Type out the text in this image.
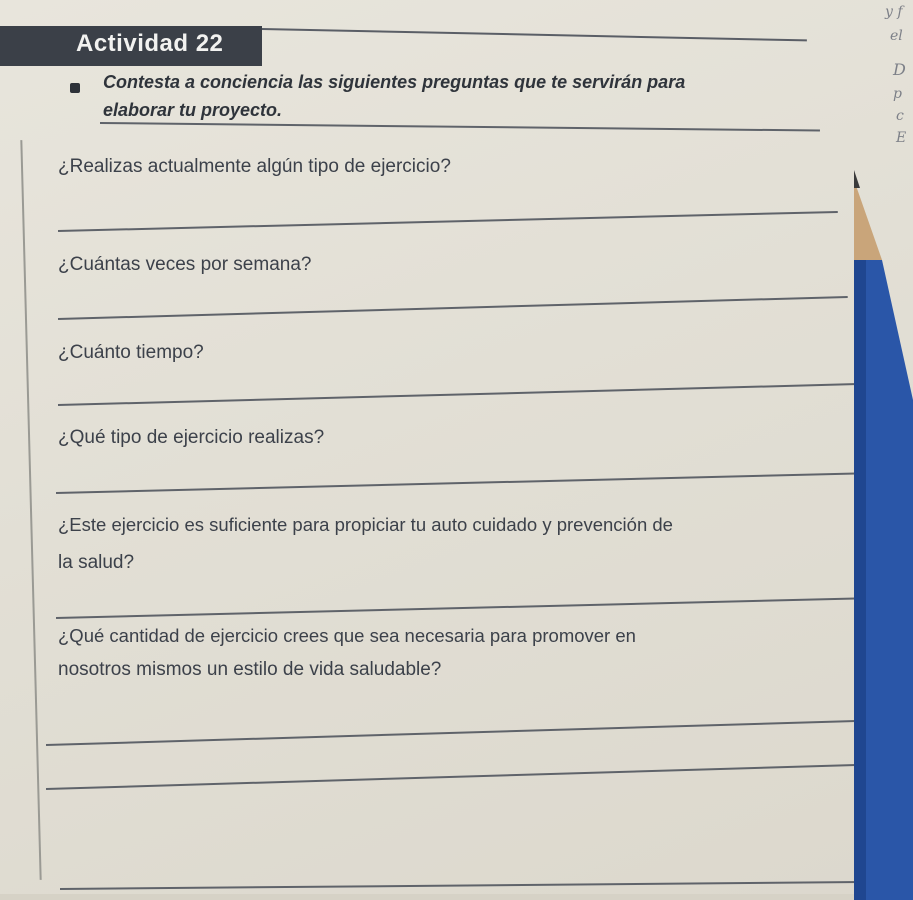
Actividad 22
Contesta a conciencia las siguientes preguntas que te servirán para
elaborar tu proyecto.
¿Realizas actualmente algún tipo de ejercicio?
¿Cuántas veces por semana?
¿Cuánto tiempo?
¿Qué tipo de ejercicio realizas?
¿Este ejercicio es suficiente para propiciar tu auto cuidado y prevención de
la salud?
¿Qué cantidad de ejercicio crees que sea necesaria para promover en
nosotros mismos un estilo de vida saludable?
y f
el
D
p
c
E
